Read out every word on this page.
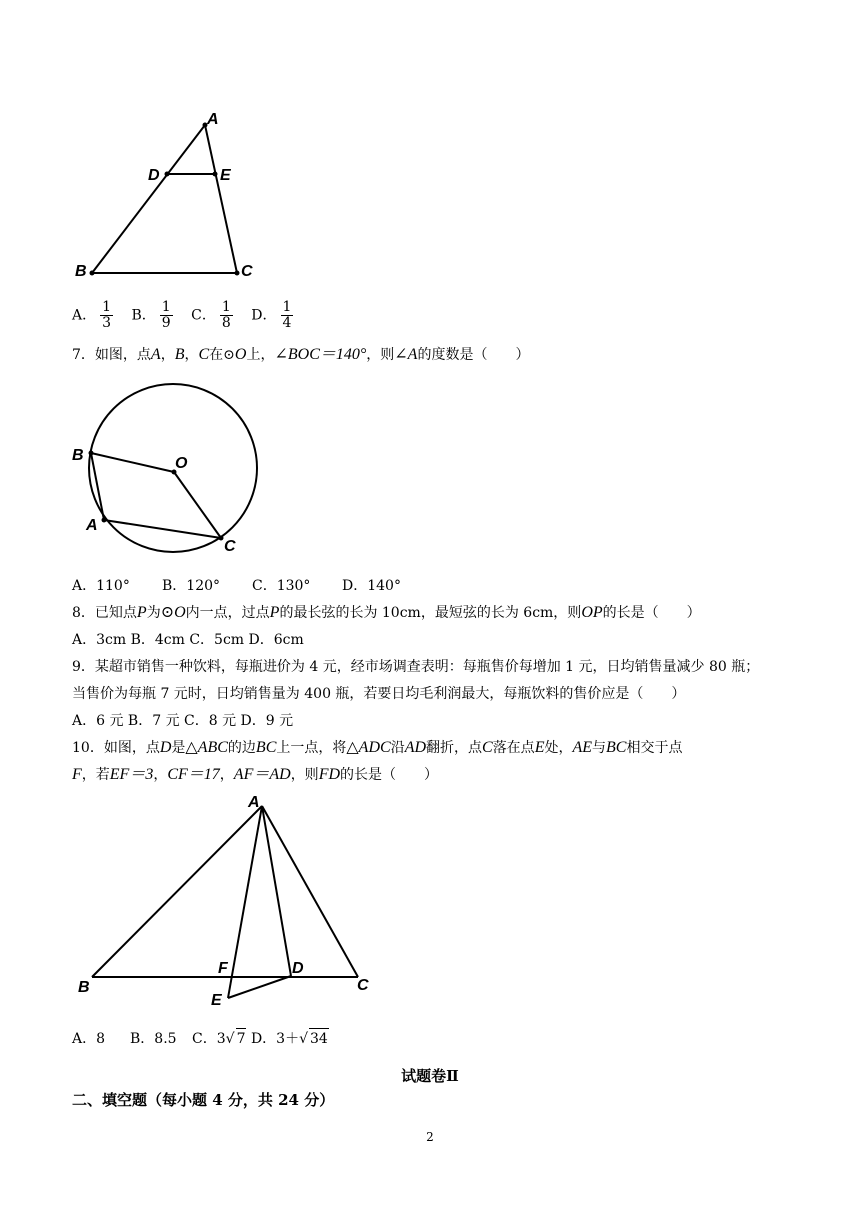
A
D	E
B	C
A． $\frac{1}{3}$ B． $\frac{1}{9}$ C． $\frac{1}{8}$ D． $\frac{1}{4}$
7．如图，点A，B，C在⊙O上，∠BOC＝140°，则∠A的度数是（　　）
B	O
A
C
A．110° B．120° C．130° D．140°
8．已知点P为⊙O内一点，过点P的最长弦的长为 10cm，最短弦的长为 6cm，则OP的长是（　　）
A．3cm B．4cm C．5cm D．6cm
9．某超市销售一种饮料，每瓶进价为 4 元，经市场调查表明：每瓶售价每增加 1 元，日均销售量减少 80 瓶；
当售价为每瓶 7 元时，日均销售量为 400 瓶，若要日均毛利润最大，每瓶饮料的售价应是（　　）
A．6 元 B．7 元 C．8 元 D．9 元
10．如图，点D是△ABC的边BC上一点，将△ADC沿AD翻折，点C落在点E处，AE与BC相交于点
F，若EF＝3，CF＝17，AF＝AD，则FD的长是（　　）
A
B	C
D
F
E
A．8 B．8.5 C．3√ 7 D．3＋√ 34
试题卷Ⅱ
二、填空题（每小题 4 分，共 24 分）
2
